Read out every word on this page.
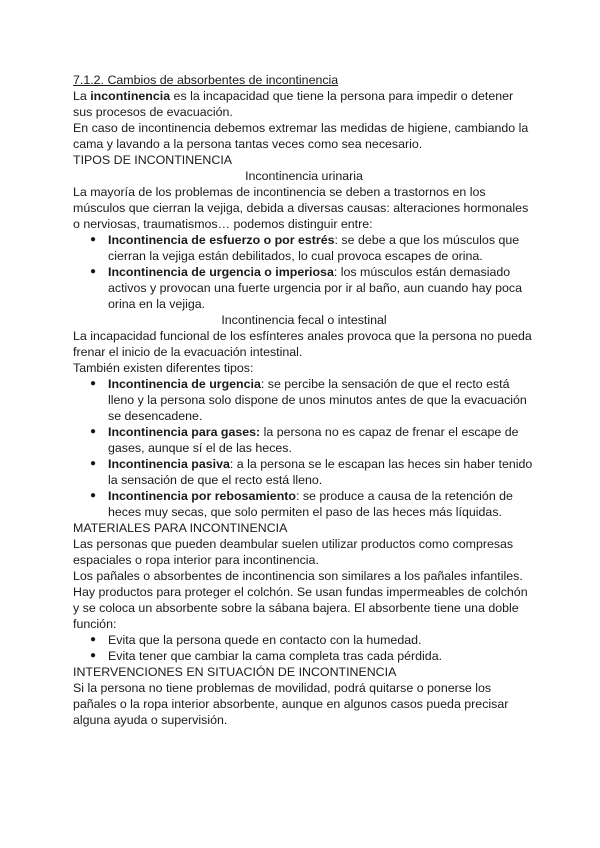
7.1.2. Cambios de absorbentes de incontinencia

La incontinencia es la incapacidad que tiene la persona para impedir o detener sus procesos de evacuación.

En caso de incontinencia debemos extremar las medidas de higiene, cambiando la cama y lavando a la persona tantas veces como sea necesario.

TIPOS DE INCONTINENCIA

Incontinencia urinaria

La mayoría de los problemas de incontinencia se deben a trastornos en los músculos que cierran la vejiga, debida a diversas causas: alteraciones hormonales o nerviosas, traumatismos… podemos distinguir entre:

● Incontinencia de esfuerzo o por estrés: se debe a que los músculos que cierran la vejiga están debilitados, lo cual provoca escapes de orina.
● Incontinencia de urgencia o imperiosa: los músculos están demasiado activos y provocan una fuerte urgencia por ir al baño, aun cuando hay poca orina en la vejiga.

Incontinencia fecal o intestinal

La incapacidad funcional de los esfínteres anales provoca que la persona no pueda frenar el inicio de la evacuación intestinal.

También existen diferentes tipos:

● Incontinencia de urgencia: se percibe la sensación de que el recto está lleno y la persona solo dispone de unos minutos antes de que la evacuación se desencadene.
● Incontinencia para gases: la persona no es capaz de frenar el escape de gases, aunque sí el de las heces.
● Incontinencia pasiva: a la persona se le escapan las heces sin haber tenido la sensación de que el recto está lleno.
● Incontinencia por rebosamiento: se produce a causa de la retención de heces muy secas, que solo permiten el paso de las heces más líquidas.

MATERIALES PARA INCONTINENCIA

Las personas que pueden deambular suelen utilizar productos como compresas espaciales o ropa interior para incontinencia.

Los pañales o absorbentes de incontinencia son similares a los pañales infantiles. Hay productos para proteger el colchón. Se usan fundas impermeables de colchón y se coloca un absorbente sobre la sábana bajera. El absorbente tiene una doble función:

● Evita que la persona quede en contacto con la humedad.
● Evita tener que cambiar la cama completa tras cada pérdida.

INTERVENCIONES EN SITUACIÓN DE INCONTINENCIA

Si la persona no tiene problemas de movilidad, podrá quitarse o ponerse los pañales o la ropa interior absorbente, aunque en algunos casos pueda precisar alguna ayuda o supervisión.
